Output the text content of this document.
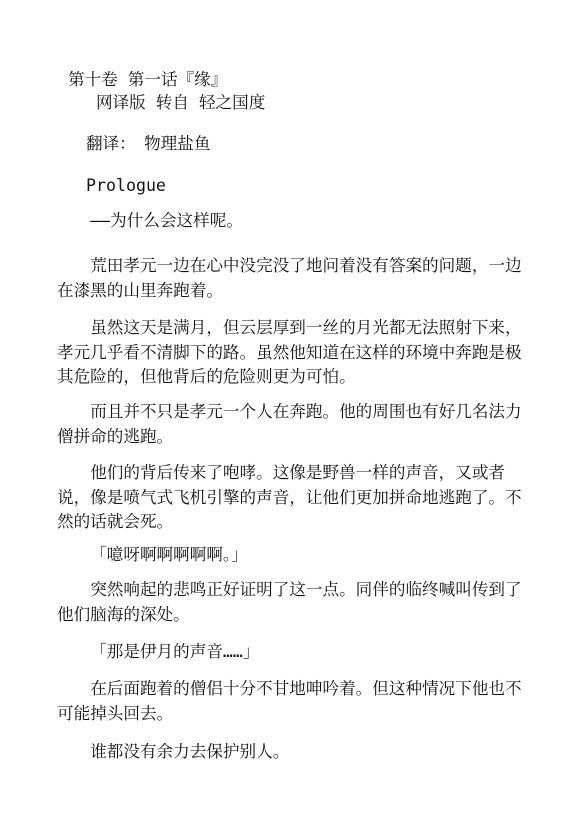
第十卷 第一话『缘』
网译版 转自 轻之国度
翻译：　物理盐鱼
Prologue
——为什么会这样呢。
荒田孝元一边在心中没完没了地问着没有答案的问题，一边在漆黑的山里奔跑着。
虽然这天是满月，但云层厚到一丝的月光都无法照射下来，孝元几乎看不清脚下的路。虽然他知道在这样的环境中奔跑是极其危险的，但他背后的危险则更为可怕。
而且并不只是孝元一个人在奔跑。他的周围也有好几名法力僧拼命的逃跑。
他们的背后传来了咆哮。这像是野兽一样的声音，又或者说，像是喷气式飞机引擎的声音，让他们更加拼命地逃跑了。不然的话就会死。
「噫呀啊啊啊啊啊。」
突然响起的悲鸣正好证明了这一点。同伴的临终喊叫传到了他们脑海的深处。
「那是伊月的声音……」
在后面跑着的僧侣十分不甘地呻吟着。但这种情况下他也不可能掉头回去。
谁都没有余力去保护别人。
